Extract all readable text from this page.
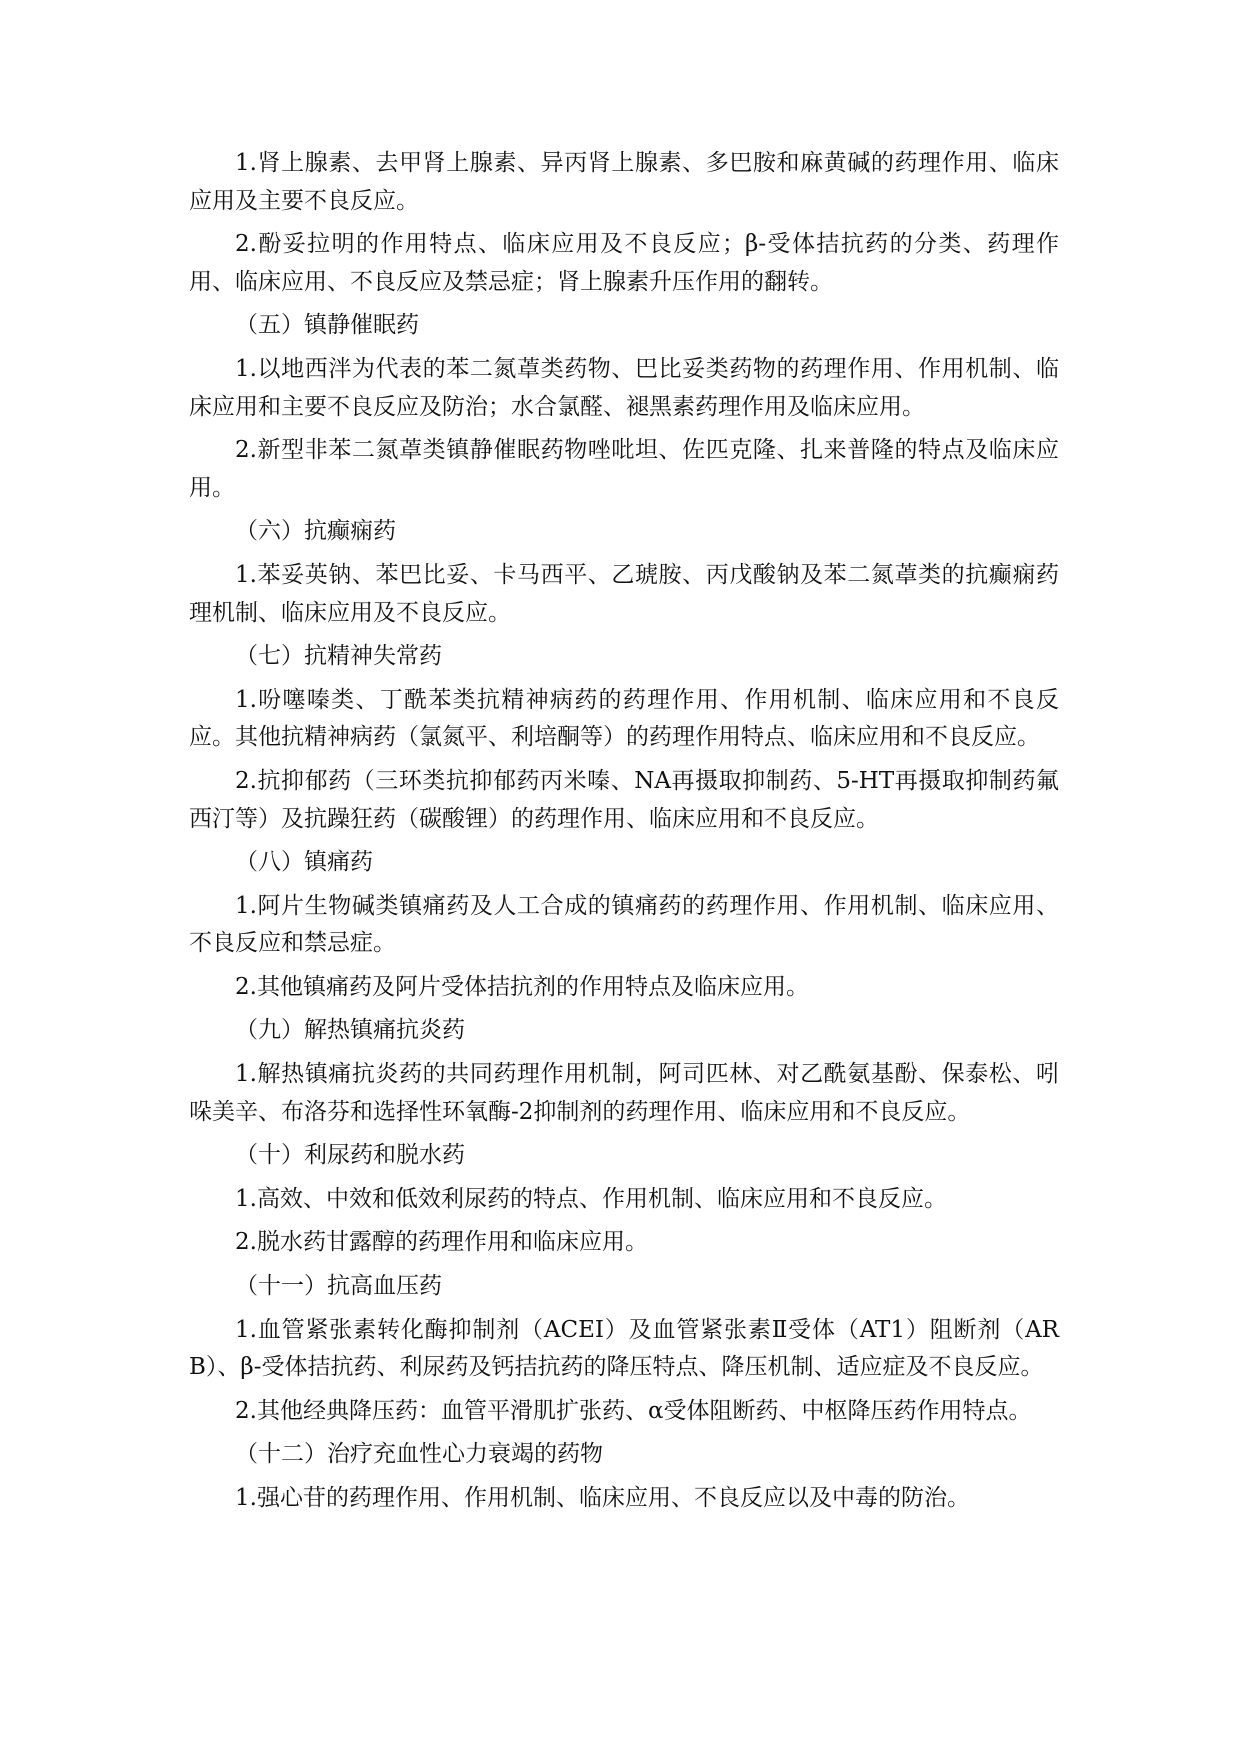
1.肾上腺素、去甲肾上腺素、异丙肾上腺素、多巴胺和麻黄碱的药理作用、临床应用及主要不良反应。

2.酚妥拉明的作用特点、临床应用及不良反应；β-受体拮抗药的分类、药理作用、临床应用、不良反应及禁忌症；肾上腺素升压作用的翻转。

（五）镇静催眠药

1.以地西泮为代表的苯二氮䓬类药物、巴比妥类药物的药理作用、作用机制、临床应用和主要不良反应及防治；水合氯醛、褪黑素药理作用及临床应用。

2.新型非苯二氮䓬类镇静催眠药物唑吡坦、佐匹克隆、扎来普隆的特点及临床应用。

（六）抗癫痫药

1.苯妥英钠、苯巴比妥、卡马西平、乙琥胺、丙戊酸钠及苯二氮䓬类的抗癫痫药理机制、临床应用及不良反应。

（七）抗精神失常药

1.吩噻嗪类、丁酰苯类抗精神病药的药理作用、作用机制、临床应用和不良反应。其他抗精神病药（氯氮平、利培酮等）的药理作用特点、临床应用和不良反应。

2.抗抑郁药（三环类抗抑郁药丙米嗪、NA再摄取抑制药、5-HT再摄取抑制药氟西汀等）及抗躁狂药（碳酸锂）的药理作用、临床应用和不良反应。

（八）镇痛药

1.阿片生物碱类镇痛药及人工合成的镇痛药的药理作用、作用机制、临床应用、不良反应和禁忌症。

2.其他镇痛药及阿片受体拮抗剂的作用特点及临床应用。

（九）解热镇痛抗炎药

1.解热镇痛抗炎药的共同药理作用机制，阿司匹林、对乙酰氨基酚、保泰松、吲哚美辛、布洛芬和选择性环氧酶-2抑制剂的药理作用、临床应用和不良反应。

（十）利尿药和脱水药

1.高效、中效和低效利尿药的特点、作用机制、临床应用和不良反应。

2.脱水药甘露醇的药理作用和临床应用。

（十一）抗高血压药

1.血管紧张素转化酶抑制剂（ACEI）及血管紧张素Ⅱ受体（AT1）阻断剂（ARB）、β-受体拮抗药、利尿药及钙拮抗药的降压特点、降压机制、适应症及不良反应。

2.其他经典降压药：血管平滑肌扩张药、α受体阻断药、中枢降压药作用特点。

（十二）治疗充血性心力衰竭的药物

1.强心苷的药理作用、作用机制、临床应用、不良反应以及中毒的防治。
